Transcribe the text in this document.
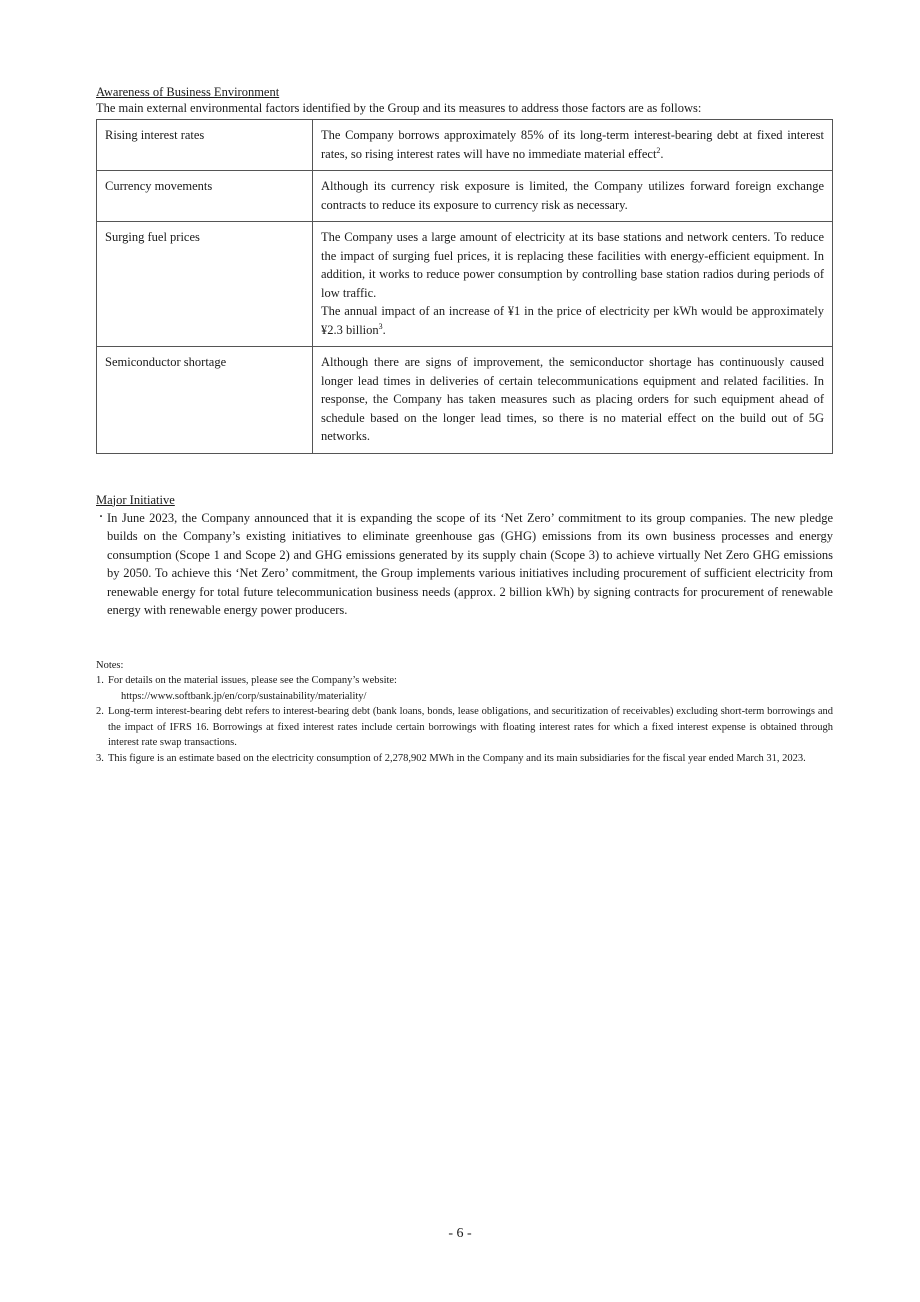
Awareness of Business Environment

The main external environmental factors identified by the Group and its measures to address those factors are as follows:

Rising interest rates	The Company borrows approximately 85% of its long-term interest-bearing debt at fixed interest rates, so rising interest rates will have no immediate material effect$^2$.
Currency movements	Although its currency risk exposure is limited, the Company utilizes forward foreign exchange contracts to reduce its exposure to currency risk as necessary.
Surging fuel prices	The Company uses a large amount of electricity at its base stations and network centers. To reduce the impact of surging fuel prices, it is replacing these facilities with energy-efficient equipment. In addition, it works to reduce power consumption by controlling base station radios during periods of low traffic.
The annual impact of an increase of ¥1 in the price of electricity per kWh would be approximately ¥2.3 billion$^3$.

Semiconductor shortage	Although there are signs of improvement, the semiconductor shortage has continuously caused longer lead times in deliveries of certain telecommunications equipment and related facilities. In response, the Company has taken measures such as placing orders for such equipment ahead of schedule based on the longer lead times, so there is no material effect on the build out of 5G networks.

Major Initiative

・ In June 2023, the Company announced that it is expanding the scope of its ‘Net Zero’ commitment to its group companies. The new pledge builds on the Company’s existing initiatives to eliminate greenhouse gas (GHG) emissions from its own business processes and energy consumption (Scope 1 and Scope 2) and GHG emissions generated by its supply chain (Scope 3) to achieve virtually Net Zero GHG emissions by 2050. To achieve this ‘Net Zero’ commitment, the Group implements various initiatives including procurement of sufficient electricity from renewable energy for total future telecommunication business needs (approx. 2 billion kWh) by signing contracts for procurement of renewable energy with renewable energy power producers.

Notes:

1. For details on the material issues, please see the Company’s website:
https://www.softbank.jp/en/corp/sustainability/materiality/
2. Long-term interest-bearing debt refers to interest-bearing debt (bank loans, bonds, lease obligations, and securitization of receivables) excluding short-term borrowings and the impact of IFRS 16. Borrowings at fixed interest rates include certain borrowings with floating interest rates for which a fixed interest expense is obtained through interest rate swap transactions.
3. This figure is an estimate based on the electricity consumption of 2,278,902 MWh in the Company and its main subsidiaries for the fiscal year ended March 31, 2023.
- 6 -
